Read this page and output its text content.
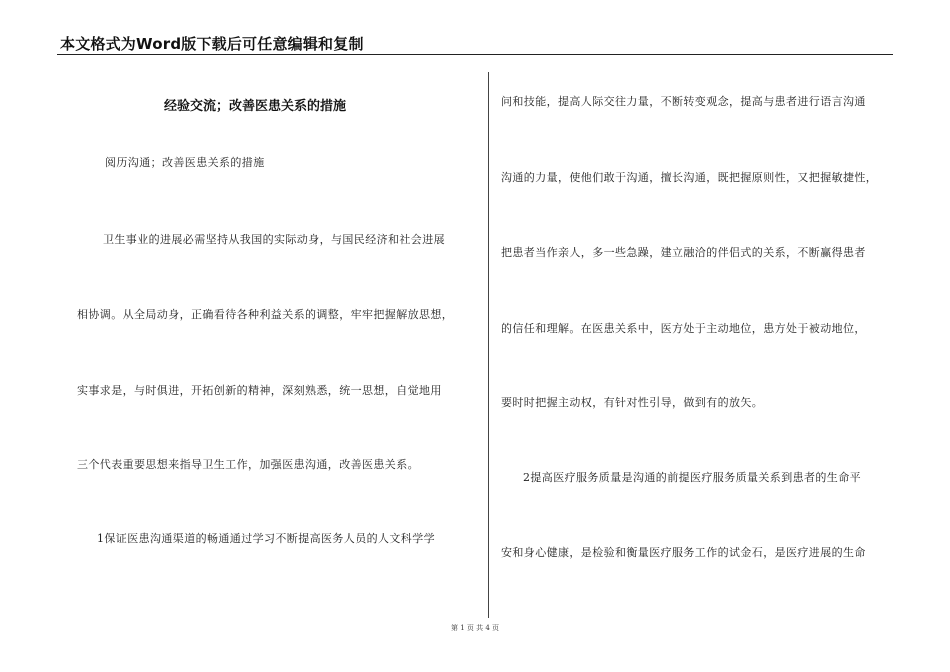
本文格式为Word版下载后可任意编辑和复制
经验交流；改善医患关系的措施
阅历沟通；改善医患关系的措施
卫生事业的进展必需坚持从我国的实际动身，与国民经济和社会进展
相协调。从全局动身，正确看待各种利益关系的调整，牢牢把握解放思想，
实事求是，与时俱进，开拓创新的精神，深刻熟悉，统一思想，自觉地用
三个代表重要思想来指导卫生工作，加强医患沟通，改善医患关系。
1保证医患沟通渠道的畅通通过学习不断提高医务人员的人文科学学
问和技能，提高人际交往力量，不断转变观念，提高与患者进行语言沟通
沟通的力量，使他们敢于沟通，擅长沟通，既把握原则性，又把握敏捷性，
把患者当作亲人，多一些急躁，建立融洽的伴侣式的关系，不断赢得患者
的信任和理解。在医患关系中，医方处于主动地位，患方处于被动地位，
要时时把握主动权，有针对性引导，做到有的放矢。
2提高医疗服务质量是沟通的前提医疗服务质量关系到患者的生命平
安和身心健康，是检验和衡量医疗服务工作的试金石，是医疗进展的生命
第 1 页 共 4 页
